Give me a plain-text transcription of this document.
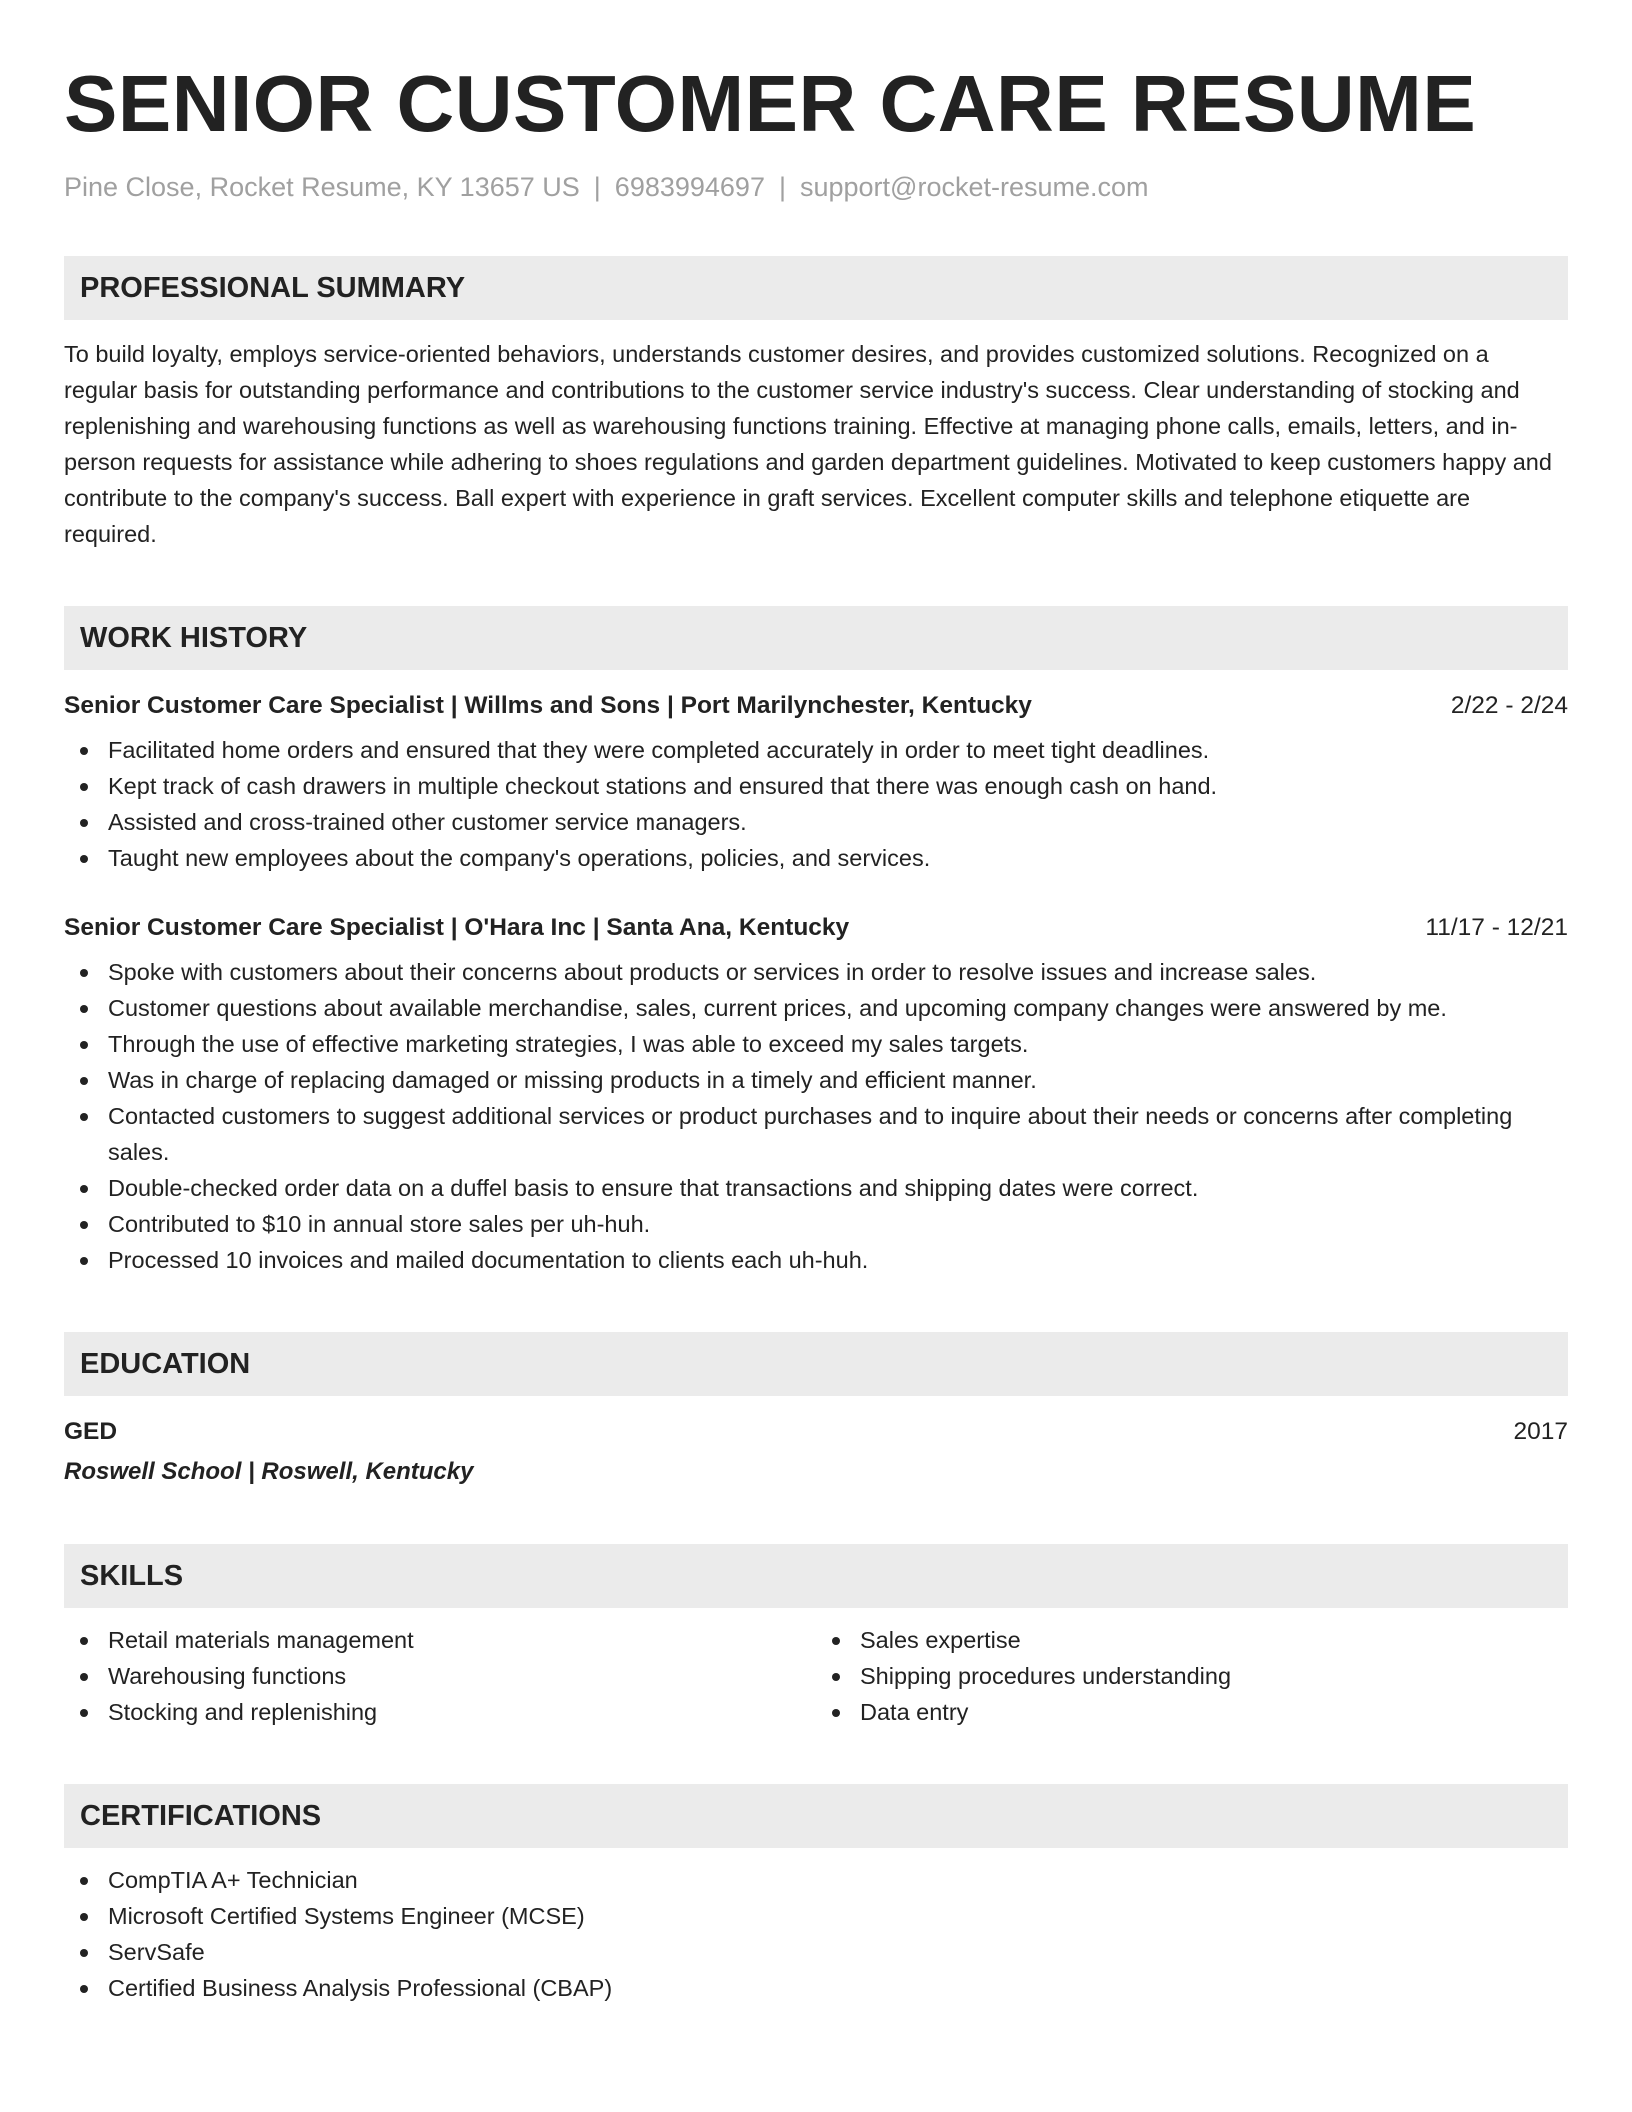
SENIOR CUSTOMER CARE RESUME
Pine Close, Rocket Resume, KY 13657 US | 6983994697 | support@rocket-resume.com
PROFESSIONAL SUMMARY
To build loyalty, employs service-oriented behaviors, understands customer desires, and provides customized solutions. Recognized on a regular basis for outstanding performance and contributions to the customer service industry's success. Clear understanding of stocking and replenishing and warehousing functions as well as warehousing functions training. Effective at managing phone calls, emails, letters, and in-person requests for assistance while adhering to shoes regulations and garden department guidelines. Motivated to keep customers happy and contribute to the company's success. Ball expert with experience in graft services. Excellent computer skills and telephone etiquette are required.
WORK HISTORY
Senior Customer Care Specialist | Willms and Sons | Port Marilynchester, Kentucky	2/22 - 2/24
Facilitated home orders and ensured that they were completed accurately in order to meet tight deadlines.
Kept track of cash drawers in multiple checkout stations and ensured that there was enough cash on hand.
Assisted and cross-trained other customer service managers.
Taught new employees about the company's operations, policies, and services.
Senior Customer Care Specialist | O'Hara Inc | Santa Ana, Kentucky	11/17 - 12/21
Spoke with customers about their concerns about products or services in order to resolve issues and increase sales.
Customer questions about available merchandise, sales, current prices, and upcoming company changes were answered by me.
Through the use of effective marketing strategies, I was able to exceed my sales targets.
Was in charge of replacing damaged or missing products in a timely and efficient manner.
Contacted customers to suggest additional services or product purchases and to inquire about their needs or concerns after completing sales.
Double-checked order data on a duffel basis to ensure that transactions and shipping dates were correct.
Contributed to $10 in annual store sales per uh-huh.
Processed 10 invoices and mailed documentation to clients each uh-huh.
EDUCATION
GED	2017
Roswell School | Roswell, Kentucky
SKILLS
Retail materials management
Warehousing functions
Stocking and replenishing
Sales expertise
Shipping procedures understanding
Data entry
CERTIFICATIONS
CompTIA A+ Technician
Microsoft Certified Systems Engineer (MCSE)
ServSafe
Certified Business Analysis Professional (CBAP)
